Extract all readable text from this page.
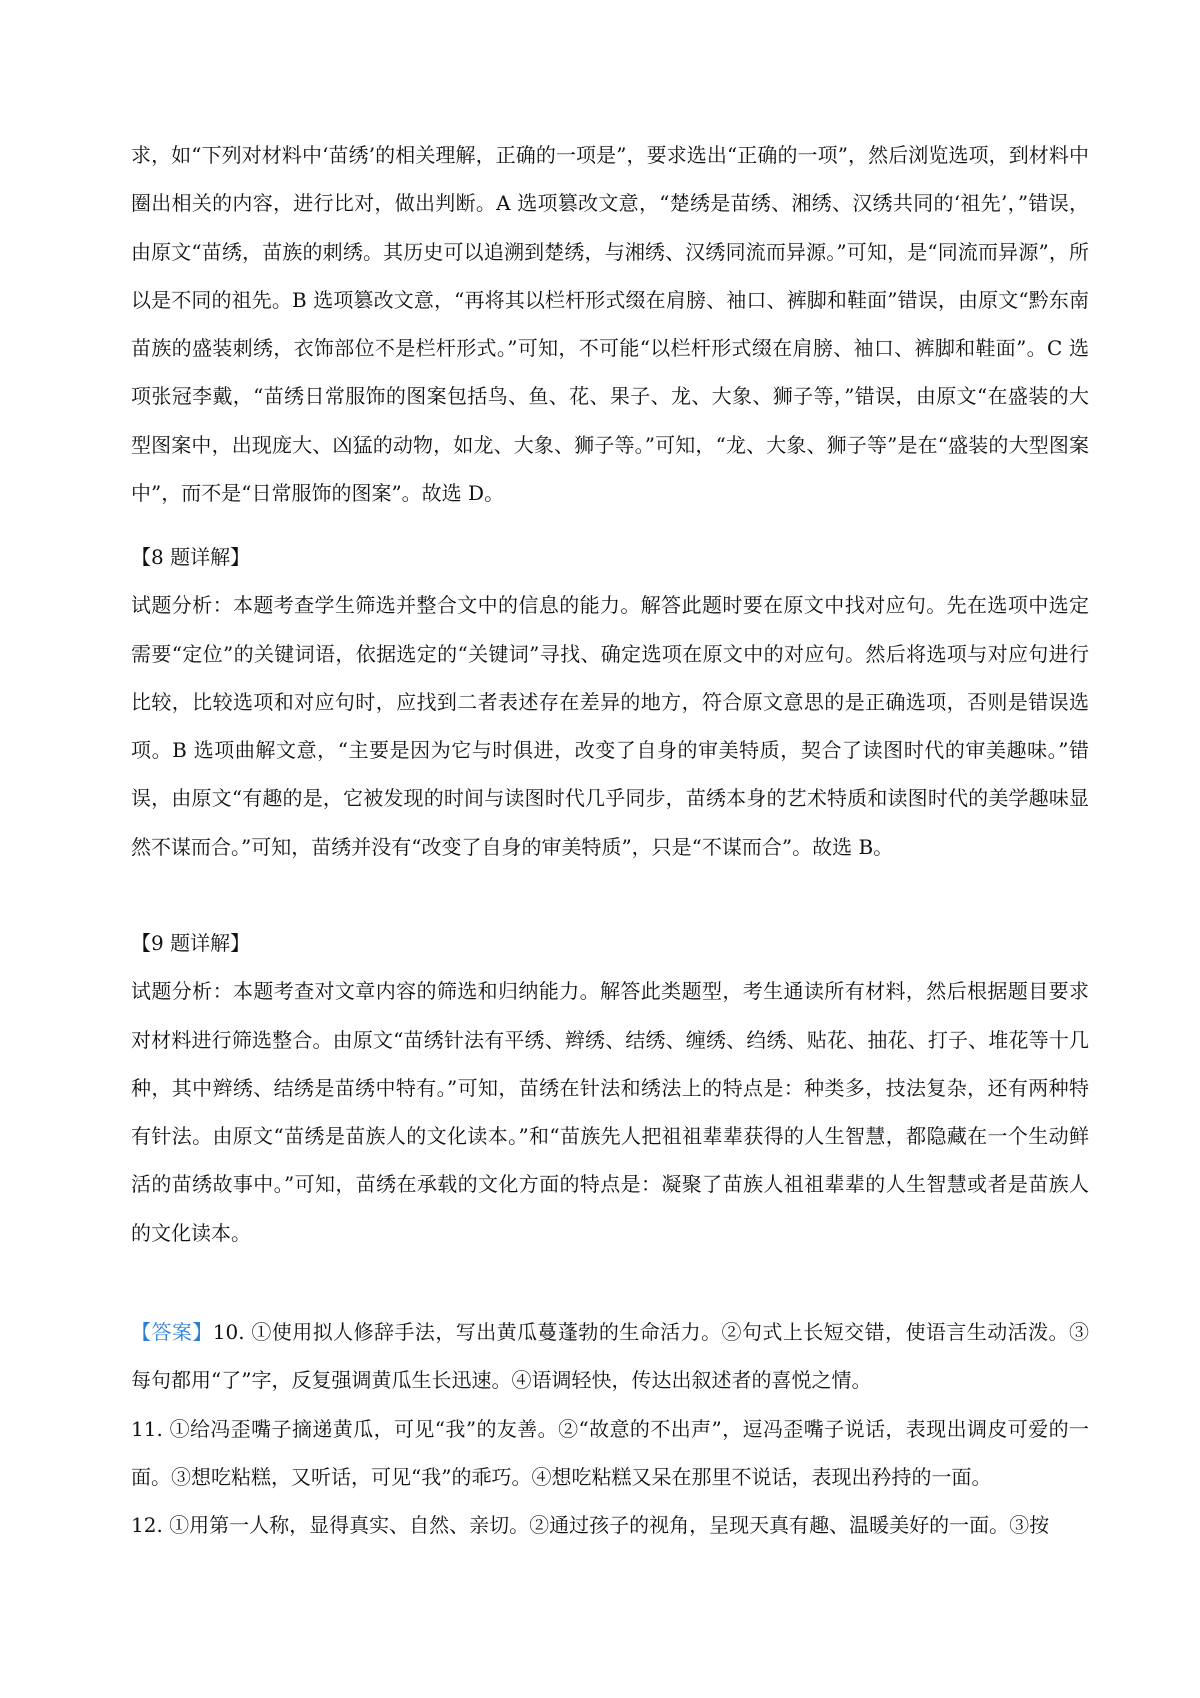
求，如“下列对材料中‘苗绣’的相关理解，正确的一项是”，要求选出“正确的一项”，然后浏览选项，到材料中圈出相关的内容，进行比对，做出判断。A 选项篡改文意，“楚绣是苗绣、湘绣、汉绣共同的‘祖先’，”错误，由原文“苗绣，苗族的刺绣。其历史可以追溯到楚绣，与湘绣、汉绣同流而异源。”可知，是“同流而异源”，所以是不同的祖先。B 选项篡改文意，“再将其以栏杆形式缀在肩膀、袖口、裤脚和鞋面”错误，由原文“黔东南苗族的盛装刺绣，衣饰部位不是栏杆形式。”可知，不可能“以栏杆形式缀在肩膀、袖口、裤脚和鞋面”。C 选项张冠李戴，“苗绣日常服饰的图案包括鸟、鱼、花、果子、龙、大象、狮子等，”错误，由原文“在盛装的大型图案中，出现庞大、凶猛的动物，如龙、大象、狮子等。”可知，“龙、大象、狮子等”是在“盛装的大型图案中”，而不是“日常服饰的图案”。故选 D。

【8 题详解】

试题分析：本题考查学生筛选并整合文中的信息的能力。解答此题时要在原文中找对应句。先在选项中选定需要“定位”的关键词语，依据选定的“关键词”寻找、确定选项在原文中的对应句。然后将选项与对应句进行比较，比较选项和对应句时，应找到二者表述存在差异的地方，符合原文意思的是正确选项，否则是错误选项。B 选项曲解文意，“主要是因为它与时俱进，改变了自身的审美特质，契合了读图时代的审美趣味。”错误，由原文“有趣的是，它被发现的时间与读图时代几乎同步，苗绣本身的艺术特质和读图时代的美学趣味显然不谋而合。”可知，苗绣并没有“改变了自身的审美特质”，只是“不谋而合”。故选 B。

【9 题详解】

试题分析：本题考查对文章内容的筛选和归纳能力。解答此类题型，考生通读所有材料，然后根据题目要求对材料进行筛选整合。由原文“苗绣针法有平绣、辫绣、结绣、缠绣、绉绣、贴花、抽花、打子、堆花等十几种，其中辫绣、结绣是苗绣中特有。”可知，苗绣在针法和绣法上的特点是：种类多，技法复杂，还有两种特有针法。由原文“苗绣是苗族人的文化读本。”和“苗族先人把祖祖辈辈获得的人生智慧，都隐藏在一个生动鲜活的苗绣故事中。”可知，苗绣在承载的文化方面的特点是：凝聚了苗族人祖祖辈辈的人生智慧或者是苗族人的文化读本。

【答案】10. ①使用拟人修辞手法，写出黄瓜蔓蓬勃的生命活力。②句式上长短交错，使语言生动活泼。③每句都用“了”字，反复强调黄瓜生长迅速。④语调轻快，传达出叙述者的喜悦之情。

11. ①给冯歪嘴子摘递黄瓜，可见“我”的友善。②“故意的不出声”，逗冯歪嘴子说话，表现出调皮可爱的一面。③想吃粘糕，又听话，可见“我”的乖巧。④想吃粘糕又呆在那里不说话，表现出矜持的一面。

12. ①用第一人称，显得真实、自然、亲切。②通过孩子的视角，呈现天真有趣、温暖美好的一面。③按
